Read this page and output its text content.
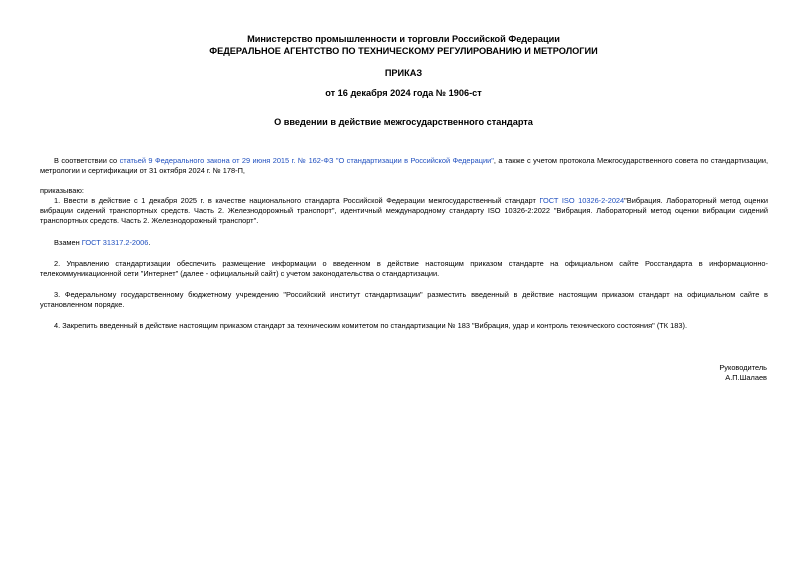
Министерство промышленности и торговли Российской Федерации
ФЕДЕРАЛЬНОЕ АГЕНТСТВО ПО ТЕХНИЧЕСКОМУ РЕГУЛИРОВАНИЮ И МЕТРОЛОГИИ
ПРИКАЗ
от 16 декабря 2024 года № 1906-ст
О введении в действие межгосударственного стандарта
В соответствии со статьей 9 Федерального закона от 29 июня 2015 г. № 162-ФЗ "О стандартизации в Российской Федерации", а также с учетом протокола Межгосударственного совета по стандартизации, метрологии и сертификации от 31 октября 2024 г. № 178-П,
приказываю:
1. Ввести в действие с 1 декабря 2025 г. в качестве национального стандарта Российской Федерации межгосударственный стандарт ГОСТ ISO 10326-2-2024"Вибрация. Лабораторный метод оценки вибрации сидений транспортных средств. Часть 2. Железнодорожный транспорт", идентичный международному стандарту ISO 10326-2:2022 "Вибрация. Лабораторный метод оценки вибрации сидений транспортных средств. Часть 2. Железнодорожный транспорт".
Взамен ГОСТ 31317.2-2006.
2. Управлению стандартизации обеспечить размещение информации о введенном в действие настоящим приказом стандарте на официальном сайте Росстандарта в информационно-телекоммуникационной сети "Интернет" (далее - официальный сайт) с учетом законодательства о стандартизации.
3. Федеральному государственному бюджетному учреждению "Российский институт стандартизации" разместить введенный в действие настоящим приказом стандарт на официальном сайте в установленном порядке.
4. Закрепить введенный в действие настоящим приказом стандарт за техническим комитетом по стандартизации № 183 "Вибрация, удар и контроль технического состояния" (ТК 183).
Руководитель
А.П.Шалаев
